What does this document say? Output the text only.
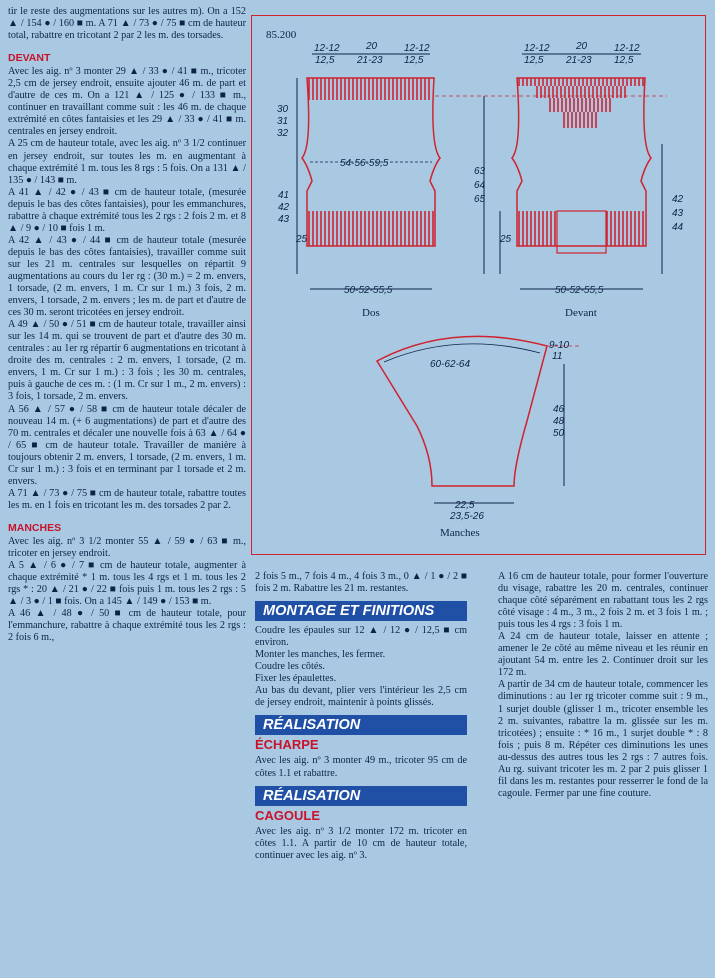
tir le reste des augmentations sur les autres m). On a 152 ▲ / 154 ● / 160 ■ m. A 71 ▲ / 73 ● / 75 ■ cm de hauteur total, rabattre en tricotant 2 par 2 les m. des torsades.

DEVANT

Avec les aig. nº 3 monter 29 ▲ / 33 ● / 41 ■ m., tricoter 2,5 cm de jersey endroit, ensuite ajouter 46 m. de part et d'autre de ces m. On a 121 ▲ / 125 ● / 133 ■ m., continuer en travaillant comme suit : les 46 m. de chaque extrémité en côtes fantaisies et les 29 ▲ / 33 ● / 41 ■ m. centrales en jersey endroit.

A 25 cm de hauteur totale, avec les aig. nº 3 1/2 continuer en jersey endroit, sur toutes les m. en augmentant à chaque extrémité 1 m. tous les 8 rgs : 5 fois. On a 131 ▲ / 135 ● / 143 ■ m.

A 41 ▲ / 42 ● / 43 ■ cm de hauteur totale, (mesurée depuis le bas des côtes fantaisies), pour les emmanchures, rabattre à chaque extrémité tous les 2 rgs : 2 fois 2 m. et 8 ▲ / 9 ● / 10 ■ fois 1 m.

A 42 ▲ / 43 ● / 44 ■ cm de hauteur totale (mesurée depuis le bas des côtes fantaisies), travailler comme suit sur les 21 m. centrales sur lesquelles on répartit 9 augmentations au cours du 1er rg : (30 m.) = 2 m. envers, 1 torsade, (2 m. envers, 1 m. Cr sur 1 m.) 3 fois, 2 m. envers, 1 torsade, 2 m. envers ; les m. de part et d'autre de ces 30 m. seront tricotées en jersey endroit.

A 49 ▲ / 50 ● / 51 ■ cm de hauteur totale, travailler ainsi sur les 14 m. qui se trouvent de part et d'autre des 30 m. centrales : au 1er rg répartir 6 augmentations en tricotant à droite des m. centrales : 2 m. envers, 1 torsade, (2 m. envers, 1 m. Cr sur 1 m.) : 3 fois ; les 30 m. centrales, puis à gauche de ces m. : (1 m. Cr sur 1 m., 2 m. envers) : 3 fois, 1 torsade, 2 m. envers.

A 56 ▲ / 57 ● / 58 ■ cm de hauteur totale décaler de nouveau 14 m. (+ 6 augmentations) de part et d'autre des 70 m. centrales et décaler une nouvelle fois à 63 ▲ / 64 ● / 65 ■ cm de hauteur totale. Travailler de manière à toujours obtenir 2 m. envers, 1 torsade, (2 m. envers, 1 m. Cr sur 1 m.) : 3 fois et en terminant par 1 torsade et 2 m. envers.

A 71 ▲ / 73 ● / 75 ■ cm de hauteur totale, rabattre toutes les m. en 1 fois en tricotant les m. des torsades 2 par 2.

MANCHES

Avec les aig. nº 3 1/2 monter 55 ▲ / 59 ● / 63 ■ m., tricoter en jersey endroit.

A 5 ▲ / 6 ● / 7 ■ cm de hauteur totale, augmenter à chaque extrémité * 1 m. tous les 4 rgs et 1 m. tous les 2 rgs * : 20 ▲ / 21 ● / 22 ■ fois puis 1 m. tous les 2 rgs : 5 ▲ / 3 ● / 1 ■ fois. On a 145 ▲ / 149 ● / 153 ■ m.

A 46 ▲ / 48 ● / 50 ■ cm de hauteur totale, pour l'emmanchure, rabattre à chaque extrémité tous les 2 rgs : 2 fois 6 m.,

85.200
12-12	20	12-12
12,5 21-23 12,5
54-56-59,5
50-52-55,5
Dos
30
31
32
41
42
43
25
63
64
65
12-12	20	12-12
12,5 21-23 12,5
50-52-55,5
Devant
25
42
43
44
60-62-64
9-10
11
46
48
50
22,5
23,5-26
Manches

2 fois 5 m., 7 fois 4 m., 4 fois 3 m., 0 ▲ / 1 ● / 2 ■ fois 2 m. Rabattre les 21 m. restantes.

MONTAGE ET FINITIONS

Coudre les épaules sur 12 ▲ / 12 ● / 12,5 ■ cm environ.

Monter les manches, les fermer.

Coudre les côtés.

Fixer les épaulettes.

Au bas du devant, plier vers l'intérieur les 2,5 cm de jersey endroit, maintenir à points glissés.

RÉALISATION

ÉCHARPE

Avec les aig. nº 3 monter 49 m., tricoter 95 cm de côtes 1.1 et rabattre.

RÉALISATION

CAGOULE

Avec les aig. nº 3 1/2 monter 172 m. tricoter en côtes 1.1. A partir de 10 cm de hauteur totale, continuer avec les aig. nº 3.

A 16 cm de hauteur totale, pour former l'ouverture du visage, rabattre les 20 m. centrales, continuer chaque côté séparément en rabattant tous les 2 rgs côté visage : 4 m., 3 m., 2 fois 2 m. et 3 fois 1 m. ; puis tous les 4 rgs : 3 fois 1 m.

A 24 cm de hauteur totale, laisser en attente ; amener le 2e côté au même niveau et les réunir en ajoutant 54 m. entre les 2. Continuer droit sur les 172 m.

A partir de 34 cm de hauteur totale, commencer les diminutions : au 1er rg tricoter comme suit : 9 m., 1 surjet double (glisser 1 m., tricoter ensemble les 2 m. suivantes, rabattre la m. glissée sur les m. tricotées) ; ensuite : * 16 m., 1 surjet double * : 8 fois ; puis 8 m. Répéter ces diminutions les unes au-dessus des autres tous les 2 rgs : 7 autres fois. Au rg. suivant tricoter les m. 2 par 2 puis glisser 1 fil dans les m. restantes pour resserrer le fond de la cagoule. Fermer par une fine couture.
